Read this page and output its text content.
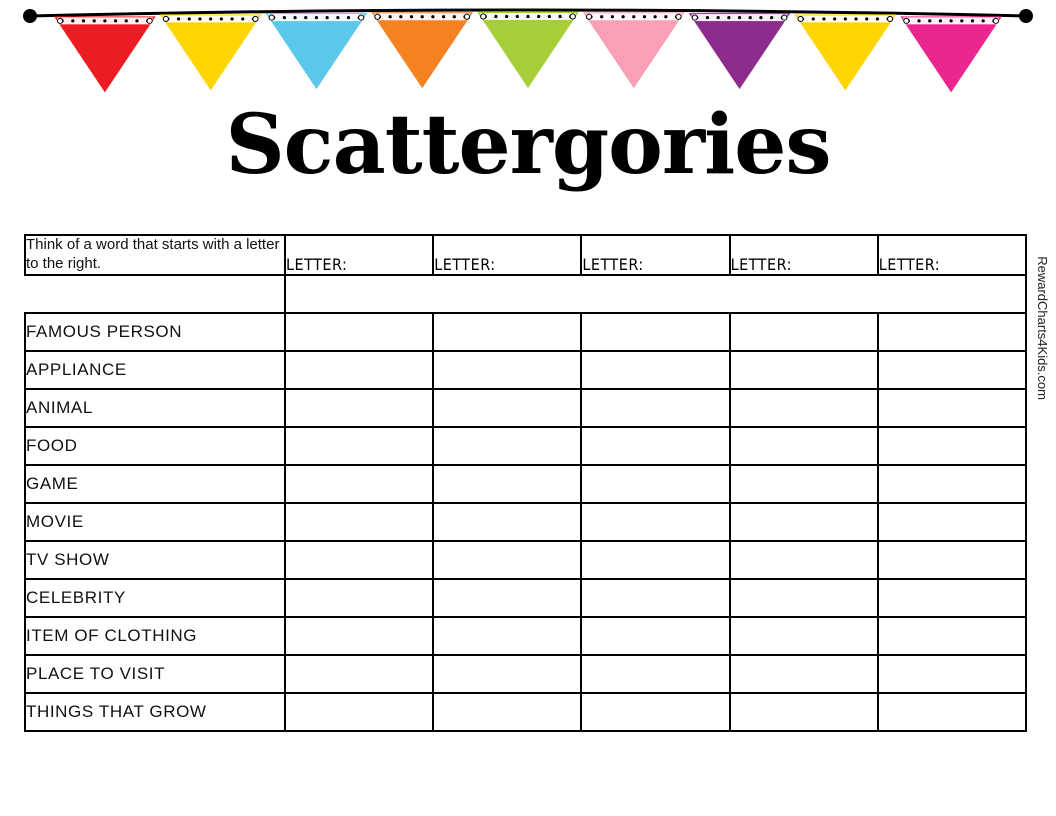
Scattergories
RewardCharts4Kids.com
Think of a word that starts with a letter to the right.	LETTER:	LETTER:	LETTER:	LETTER:	LETTER:

FAMOUS PERSON					
APPLIANCE					
ANIMAL					
FOOD					
GAME					
MOVIE					
TV SHOW					
CELEBRITY					
ITEM OF CLOTHING					
PLACE TO VISIT					
THINGS THAT GROW					
